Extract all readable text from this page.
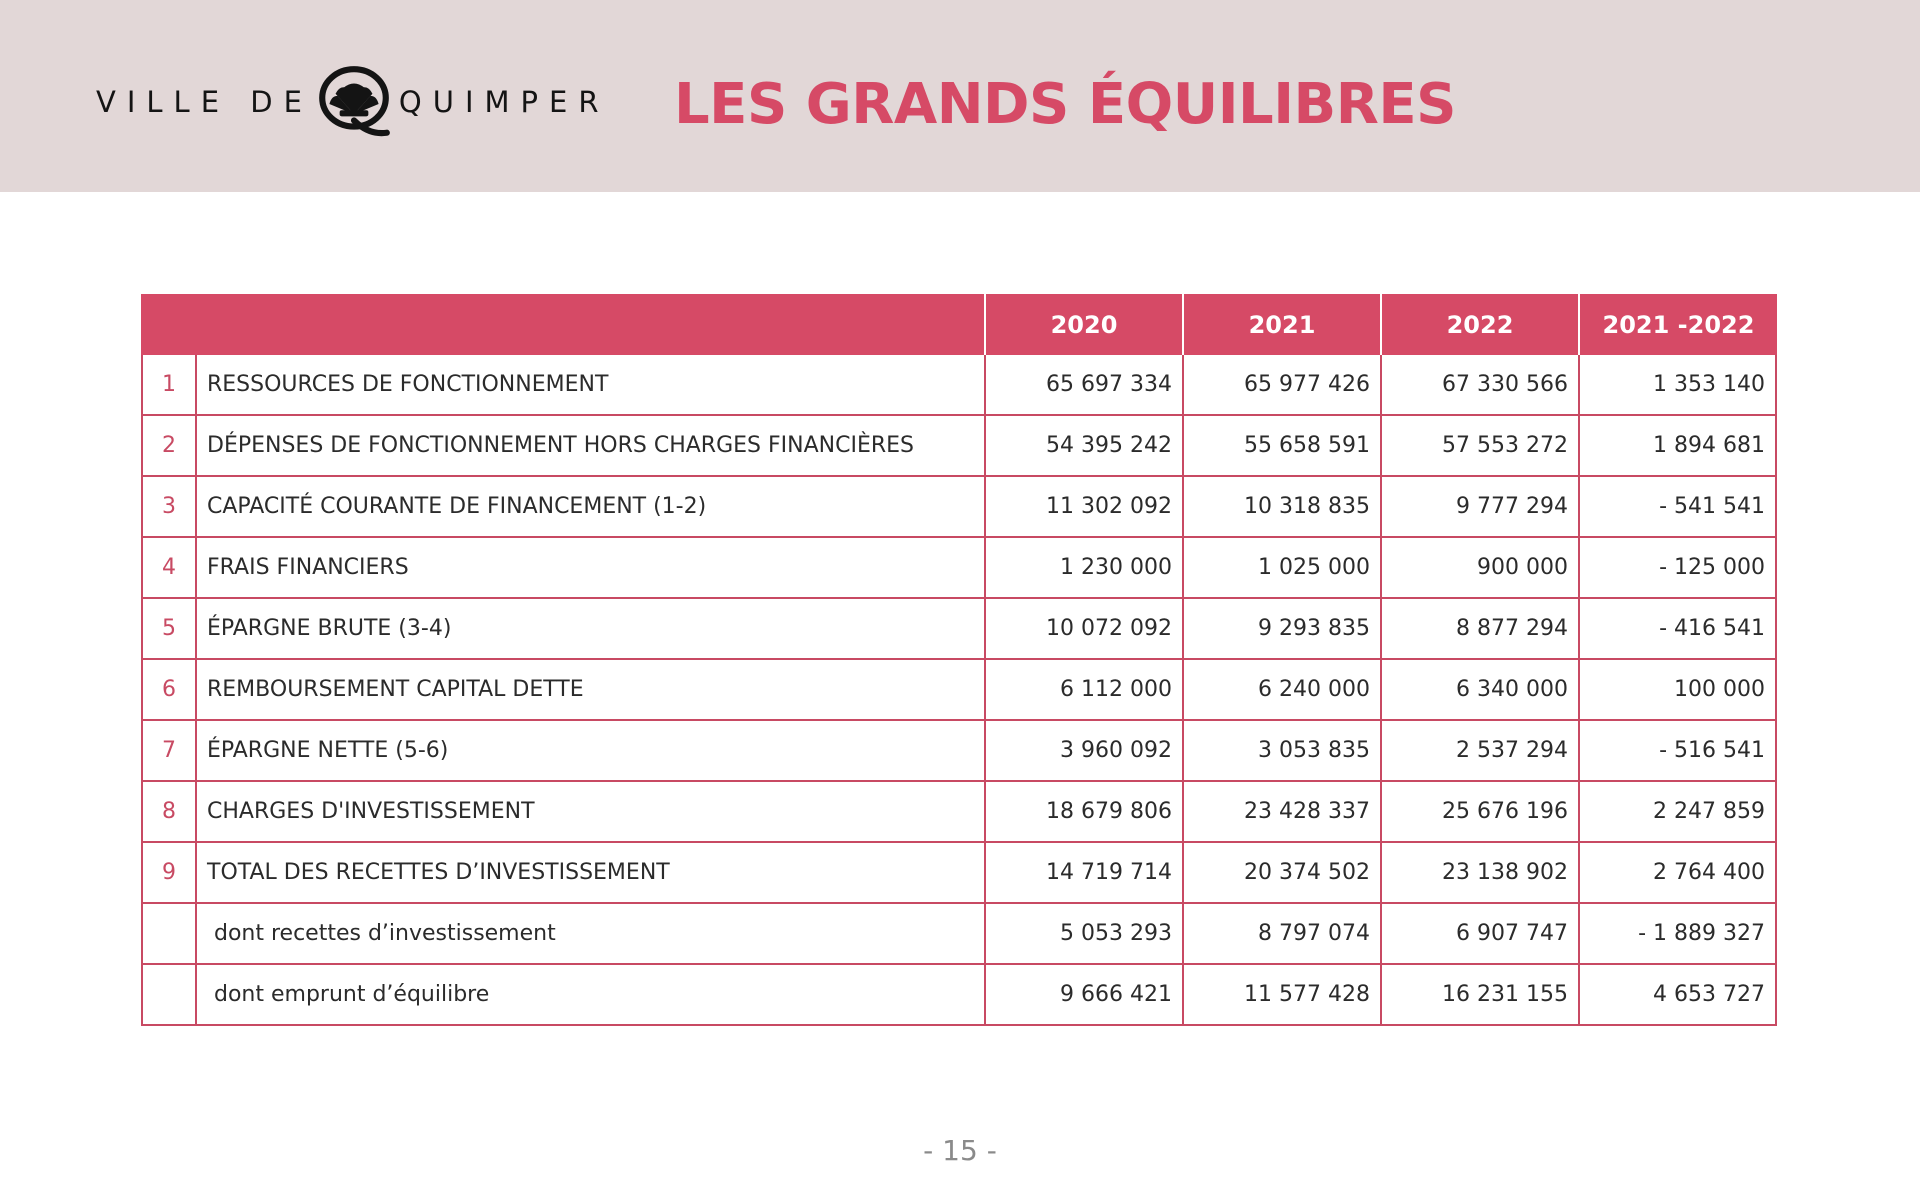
VILLE DE	QUIMPER LES GRANDS ÉQUILIBRES
		2020	2021	2022	2021 -2022
1	RESSOURCES DE FONCTIONNEMENT	65 697 334	65 977 426	67 330 566	1 353 140
2	DÉPENSES DE FONCTIONNEMENT HORS CHARGES FINANCIÈRES	54 395 242	55 658 591	57 553 272	1 894 681
3	CAPACITÉ COURANTE DE FINANCEMENT (1-2)	11 302 092	10 318 835	9 777 294	- 541 541
4	FRAIS FINANCIERS	1 230 000	1 025 000	900 000	- 125 000
5	ÉPARGNE BRUTE (3-4)	10 072 092	9 293 835	8 877 294	- 416 541
6	REMBOURSEMENT CAPITAL DETTE	6 112 000	6 240 000	6 340 000	100 000
7	ÉPARGNE NETTE (5-6)	3 960 092	3 053 835	2 537 294	- 516 541
8	CHARGES D'INVESTISSEMENT	18 679 806	23 428 337	25 676 196	2 247 859
9	TOTAL DES RECETTES D’INVESTISSEMENT	14 719 714	20 374 502	23 138 902	2 764 400
	dont recettes d’investissement	5 053 293	8 797 074	6 907 747	- 1 889 327
	dont emprunt d’équilibre	9 666 421	11 577 428	16 231 155	4 653 727
- 15 -
